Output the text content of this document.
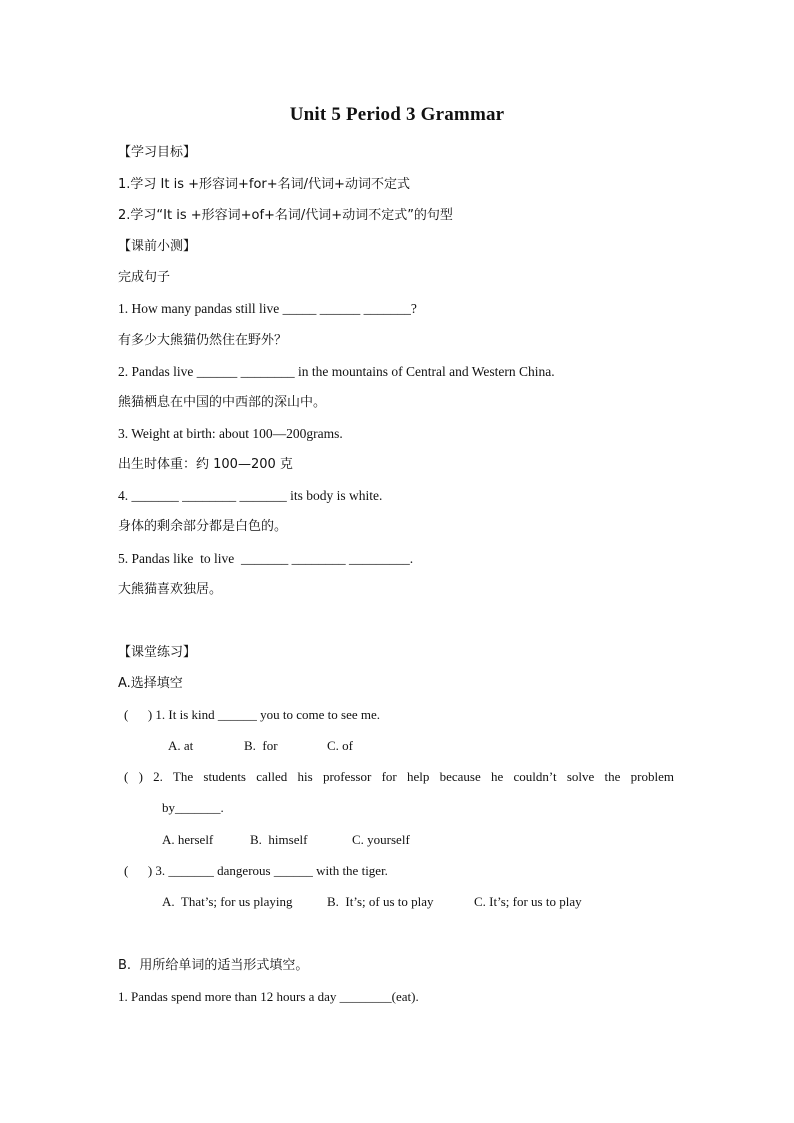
Unit 5 Period 3 Grammar
【学习目标】
1.学习 It is +形容词+for+名词/代词+动词不定式
2.学习“It is +形容词+of+名词/代词+动词不定式”的句型
【课前小测】
完成句子
1. How many pandas still live _____ ______ _______?
有多少大熊猫仍然住在野外？
2. Pandas live ______ ________ in the mountains of Central and Western China.
熊猫栖息在中国的中西部的深山中。
3. Weight at birth: about 100—200grams.
出生时体重：约 100—200 克
4. _______ ________ _______ its body is white.
身体的剩余部分都是白色的。
5. Pandas like  to live  _______ ________ _________.
大熊猫喜欢独居。
【课堂练习】
A.选择填空
(      ) 1. It is kind ______ you to come to see me.
A. at	B.  for	C. of
( ) 2. The students called his professor for help because he couldn’t solve the problem
by_______.
A. herself	B.  himself	C. yourself
(      ) 3. _______ dangerous ______ with the tiger.
A.  That’s; for us playing	B.  It’s; of us to play	C. It’s; for us to play
B.  用所给单词的适当形式填空。
1. Pandas spend more than 12 hours a day ________(eat).
